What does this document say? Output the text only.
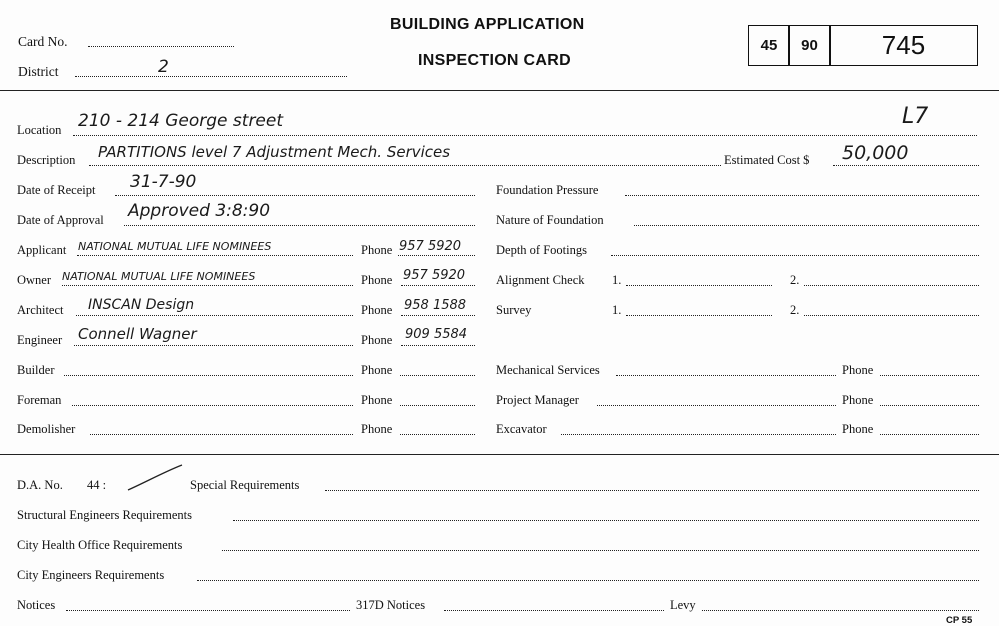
Card No.
District	2
BUILDING APPLICATION
INSPECTION CARD
45	90	745
Location 210 - 214 George street	L7
Description PARTITIONS level 7 Adjustment Mech. Services	Estimated Cost $ 50,000
Date of Receipt 31-7-90
Date of Approval Approved 3:8:90
Applicant NATIONAL MUTUAL LIFE NOMINEES	Phone 957 5920
Owner NATIONAL MUTUAL LIFE NOMINEES	Phone 957 5920
Architect INSCAN Design	Phone 958 1588
Engineer Connell Wagner	Phone 909 5584
Builder	Phone
Foreman	Phone
Demolisher	Phone
Foundation Pressure
Nature of Foundation
Depth of Footings
Alignment Check 1.	2.
Survey	1.	2.
Mechanical Services	Phone
Project Manager	Phone
Excavator	Phone
D.A. No. 44 :	Special Requirements
Structural Engineers Requirements
City Health Office Requirements
City Engineers Requirements
Notices	317D Notices	Levy
CP 55
